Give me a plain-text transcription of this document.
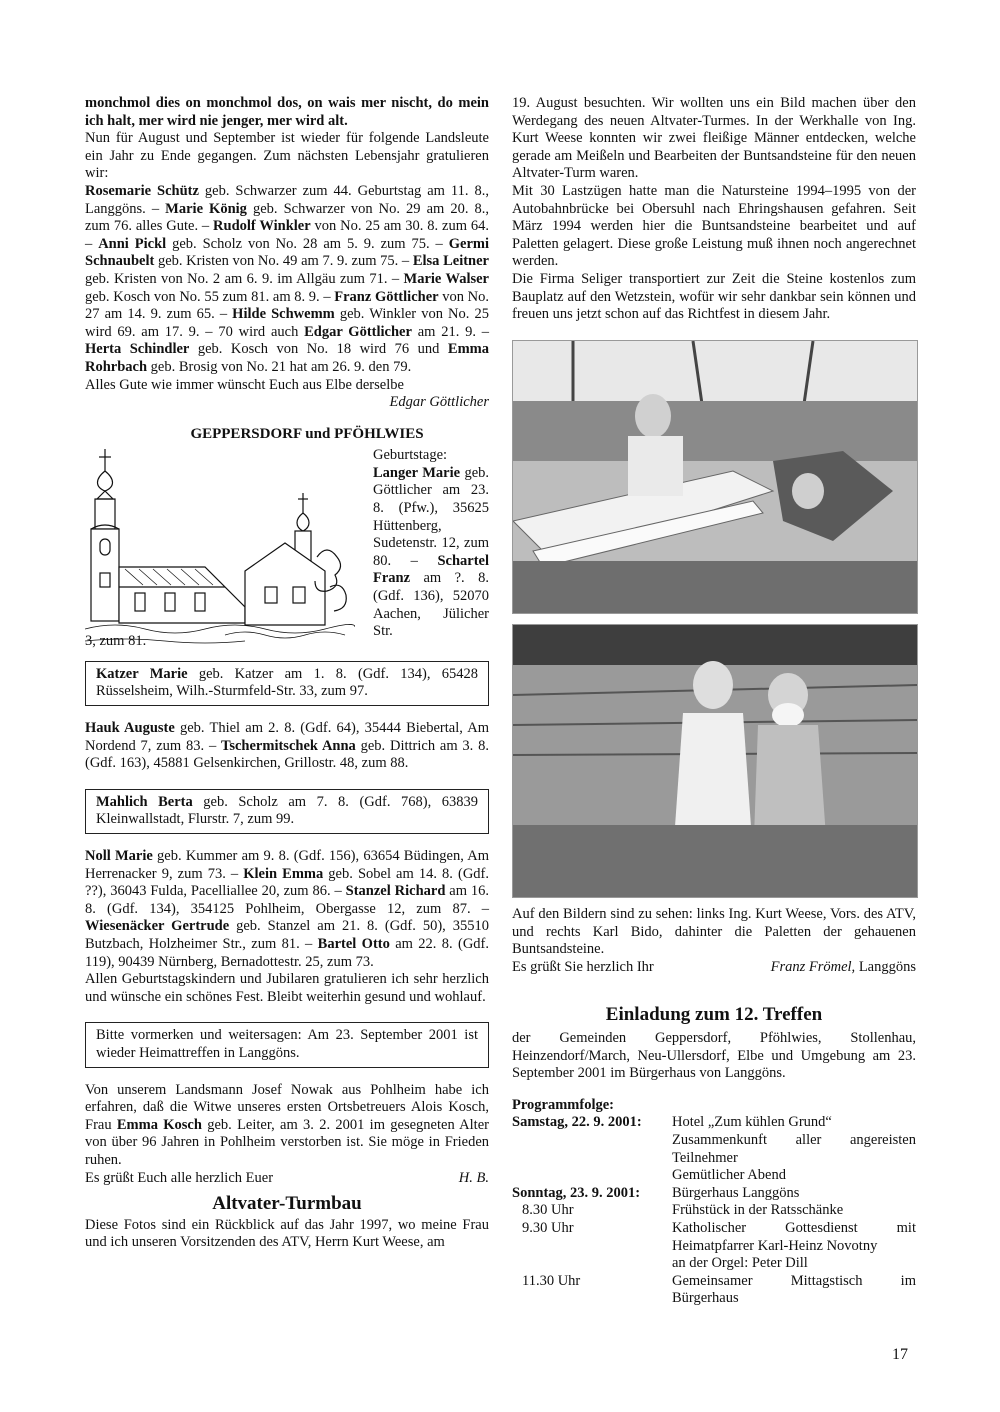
monchmol dies on monchmol dos, on wais mer nischt, do mein ich halt, mer wird nie jenger, mer wird alt.

Nun für August und September ist wieder für folgende Landsleute ein Jahr zu Ende gegangen. Zum nächsten Lebensjahr gratulieren wir:

Rosemarie Schütz geb. Schwarzer zum 44. Geburtstag am 11. 8., Langgöns. – Marie König geb. Schwarzer von No. 29 am 20. 8., zum 76. alles Gute. – Rudolf Winkler von No. 25 am 30. 8. zum 64. – Anni Pickl geb. Scholz von No. 28 am 5. 9. zum 75. – Germi Schnaubelt geb. Kristen von No. 49 am 7. 9. zum 75. – Elsa Leitner geb. Kristen von No. 2 am 6. 9. im Allgäu zum 71. – Marie Walser geb. Kosch von No. 55 zum 81. am 8. 9. – Franz Göttlicher von No. 27 am 14. 9. zum 65. – Hilde Schwemm geb. Winkler von No. 25 wird 69. am 17. 9. – 70 wird auch Edgar Göttlicher am 21. 9. – Herta Schindler geb. Kosch von No. 18 wird 76 und Emma Rohrbach geb. Brosig von No. 21 hat am 26. 9. den 79.

Alles Gute wie immer wünscht Euch aus Elbe derselbe

Edgar Göttlicher

GEPPERSDORF und PFÖHLWIES

Geburtstage:

Langer Marie geb. Göttlicher am 23. 8. (Pfw.), 35625 Hüttenberg, Sudetenstr. 12, zum 80. – Schartel Franz am ?. 8. (Gdf. 136), 52070 Aachen, Jülicher Str.

3, zum 81.

Katzer Marie geb. Katzer am 1. 8. (Gdf. 134), 65428 Rüsselsheim, Wilh.-Sturmfeld-Str. 33, zum 97.

Hauk Auguste geb. Thiel am 2. 8. (Gdf. 64), 35444 Biebertal, Am Nordend 7, zum 83. – Tschermitschek Anna geb. Dittrich am 3. 8. (Gdf. 163), 45881 Gelsenkirchen, Grillostr. 48, zum 88.

Mahlich Berta geb. Scholz am 7. 8. (Gdf. 768), 63839 Kleinwallstadt, Flurstr. 7, zum 99.

Noll Marie geb. Kummer am 9. 8. (Gdf. 156), 63654 Büdingen, Am Herrenacker 9, zum 73. – Klein Emma geb. Sobel am 14. 8. (Gdf. ??), 36043 Fulda, Pacelliallee 20, zum 86. – Stanzel Richard am 16. 8. (Gdf. 134), 354125 Pohlheim, Obergasse 12, zum 87. – Wiesenäcker Gertrude geb. Stanzel am 21. 8. (Gdf. 50), 35510 Butzbach, Holzheimer Str., zum 81. – Bartel Otto am 22. 8. (Gdf. 119), 90439 Nürnberg, Bernadottestr. 25, zum 73.

Allen Geburtstagskindern und Jubilaren gratulieren ich sehr herzlich und wünsche ein schönes Fest. Bleibt weiterhin gesund und wohlauf.

Bitte vormerken und weitersagen: Am 23. September 2001 ist wieder Heimattreffen in Langgöns.

Von unserem Landsmann Josef Nowak aus Pohlheim habe ich erfahren, daß die Witwe unseres ersten Ortsbetreuers Alois Kosch, Frau Emma Kosch geb. Leiter, am 3. 2. 2001 im gesegneten Alter von über 96 Jahren in Pohlheim verstorben ist. Sie möge in Frieden ruhen.

Es grüßt Euch alle herzlich Euer	H. B.

Altvater-Turmbau

Diese Fotos sind ein Rückblick auf das Jahr 1997, wo meine Frau und ich unseren Vorsitzenden des ATV, Herrn Kurt Weese, am

19. August besuchten. Wir wollten uns ein Bild machen über den Werdegang des neuen Altvater-Turmes. In der Werkhalle von Ing. Kurt Weese konnten wir zwei fleißige Männer entdecken, welche gerade am Meißeln und Bearbeiten der Buntsandsteine für den neuen Altvater-Turm waren.

Mit 30 Lastzügen hatte man die Natursteine 1994–1995 von der Autobahnbrücke bei Obersuhl nach Ehringshausen gefahren. Seit März 1994 werden hier die Buntsandsteine bearbeitet und auf Paletten gelagert. Diese große Leistung muß ihnen noch angerechnet werden.

Die Firma Seliger transportiert zur Zeit die Steine kostenlos zum Bauplatz auf den Wetzstein, wofür wir sehr dankbar sein können und freuen uns jetzt schon auf das Richtfest in diesem Jahr.

Auf den Bildern sind zu sehen: links Ing. Kurt Weese, Vors. des ATV, und rechts Karl Bido, dahinter die Paletten der gehauenen Buntsandsteine.

Es grüßt Sie herzlich Ihr	Franz Frömel, Langgöns

Einladung zum 12. Treffen

der Gemeinden Geppersdorf, Pföhlwies, Stollenhau, Heinzendorf/March, Neu-Ullersdorf, Elbe und Umgebung am 23. September 2001 im Bürgerhaus von Langgöns.

Programmfolge:

Samstag, 22. 9. 2001:	Hotel „Zum kühlen Grund“
	Zusammenkunft aller angereisten Teilnehmer
	Gemütlicher Abend
Sonntag, 23. 9. 2001:	Bürgerhaus Langgöns
8.30 Uhr	Frühstück in der Ratsschänke
9.30 Uhr	Katholischer Gottesdienst mit Heimatpfarrer Karl-Heinz Novotny
	an der Orgel: Peter Dill
11.30 Uhr	Gemeinsamer Mittagstisch im Bürgerhaus
17
